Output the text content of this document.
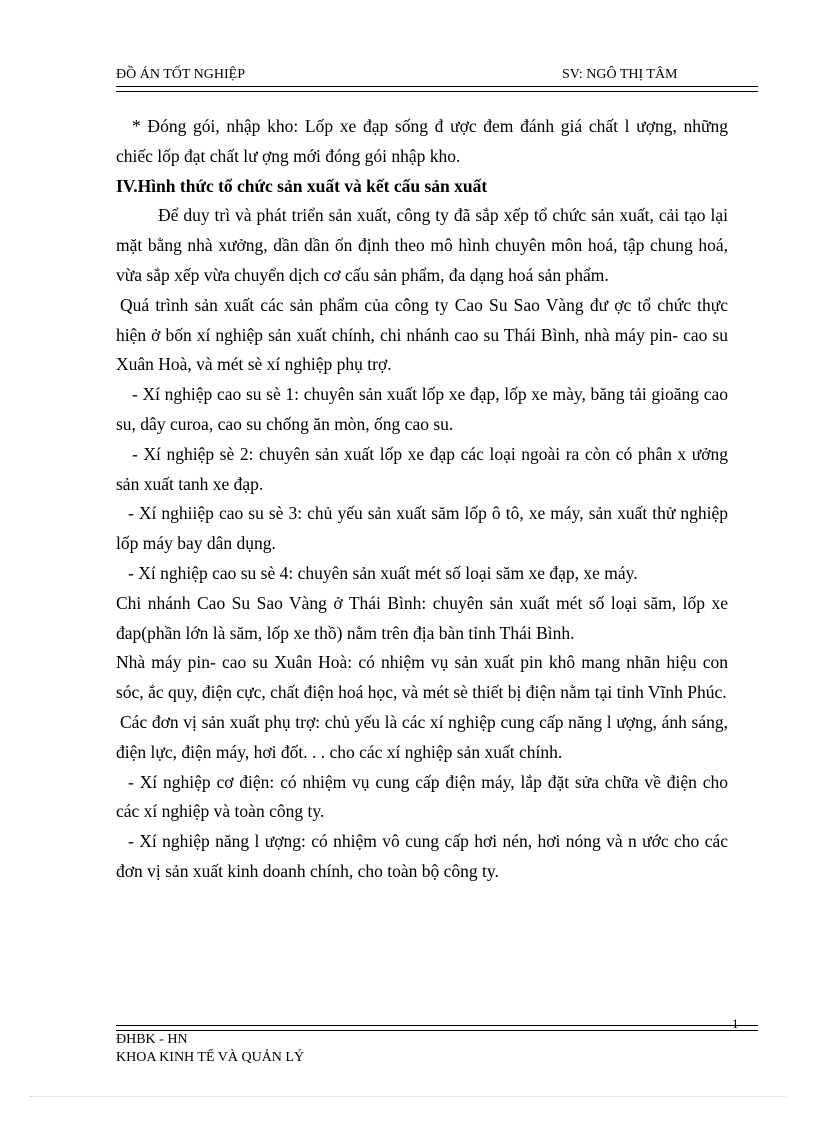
ĐỒ ÁN TỐT NGHIỆP	SV: NGÔ THỊ TÂM

* Đóng gói, nhập kho: Lốp xe đạp sống đ ược đem đánh giá chất l ượng, những chiếc lốp đạt chất lư ợng mới đóng gói nhập kho.

IV.Hình thức tổ chức sản xuất và kết cấu sản xuất

Để duy trì và phát triển sản xuất, công ty đã sắp xếp tổ chức sản xuất, cải tạo lại mặt bằng nhà xưởng, dần dần ổn định theo mô hình chuyên môn hoá, tập chung hoá, vừa sắp xếp vừa chuyển dịch cơ cấu sản phẩm, đa dạng hoá sản phẩm.

Quá trình sản xuất các sản phẩm của công ty Cao Su Sao Vàng đư ợc tổ chức thực hiện ở bốn xí nghiệp sản xuất chính, chi nhánh cao su Thái Bình, nhà máy pin- cao su Xuân Hoà, và mét sè xí nghiệp phụ trợ.

- Xí nghiệp cao su sè 1: chuyên sản xuất lốp xe đạp, lốp xe mày, băng tải gioăng cao su, dây curoa, cao su chống ăn mòn, ống cao su.

- Xí nghiệp sè 2: chuyên sản xuất lốp xe đạp các loại ngoài ra còn có phân x ưởng sản xuất tanh xe đạp.

- Xí nghiiệp cao su sè 3: chủ yếu sản xuất săm lốp ô tô, xe máy, sản xuất thử nghiệp lốp máy bay dân dụng.

- Xí nghiệp cao su sè 4: chuyên sản xuất mét số loại săm xe đạp, xe máy.

Chi nhánh Cao Su Sao Vàng ở Thái Bình: chuyên sản xuất mét số loại săm, lốp xe đap(phần lớn là săm, lốp xe thồ) nằm trên địa bàn tỉnh Thái Bình.

Nhà máy pin- cao su Xuân Hoà: có nhiệm vụ sản xuất pin khô mang nhãn hiệu con sóc, ắc quy, điện cực, chất điện hoá học, và mét sè thiết bị điện nằm tại tỉnh Vĩnh Phúc.

Các đơn vị sản xuất phụ trợ: chủ yếu là các xí nghiệp cung cấp năng l ượng, ánh sáng, điện lực, điện máy, hơi đốt. . . cho các xí nghiệp sản xuất chính.

- Xí nghiệp cơ điện: có nhiệm vụ cung cấp điện máy, lắp đặt sửa chữa về điện cho các xí nghiệp và toàn công ty.

- Xí nghiệp năng l ượng: có nhiệm vô cung cấp hơi nén, hơi nóng và n ước cho các đơn vị sản xuất kinh doanh chính, cho toàn bộ công ty.

1
ĐHBK - HN
KHOA KINH TẾ VÀ QUẢN LÝ
